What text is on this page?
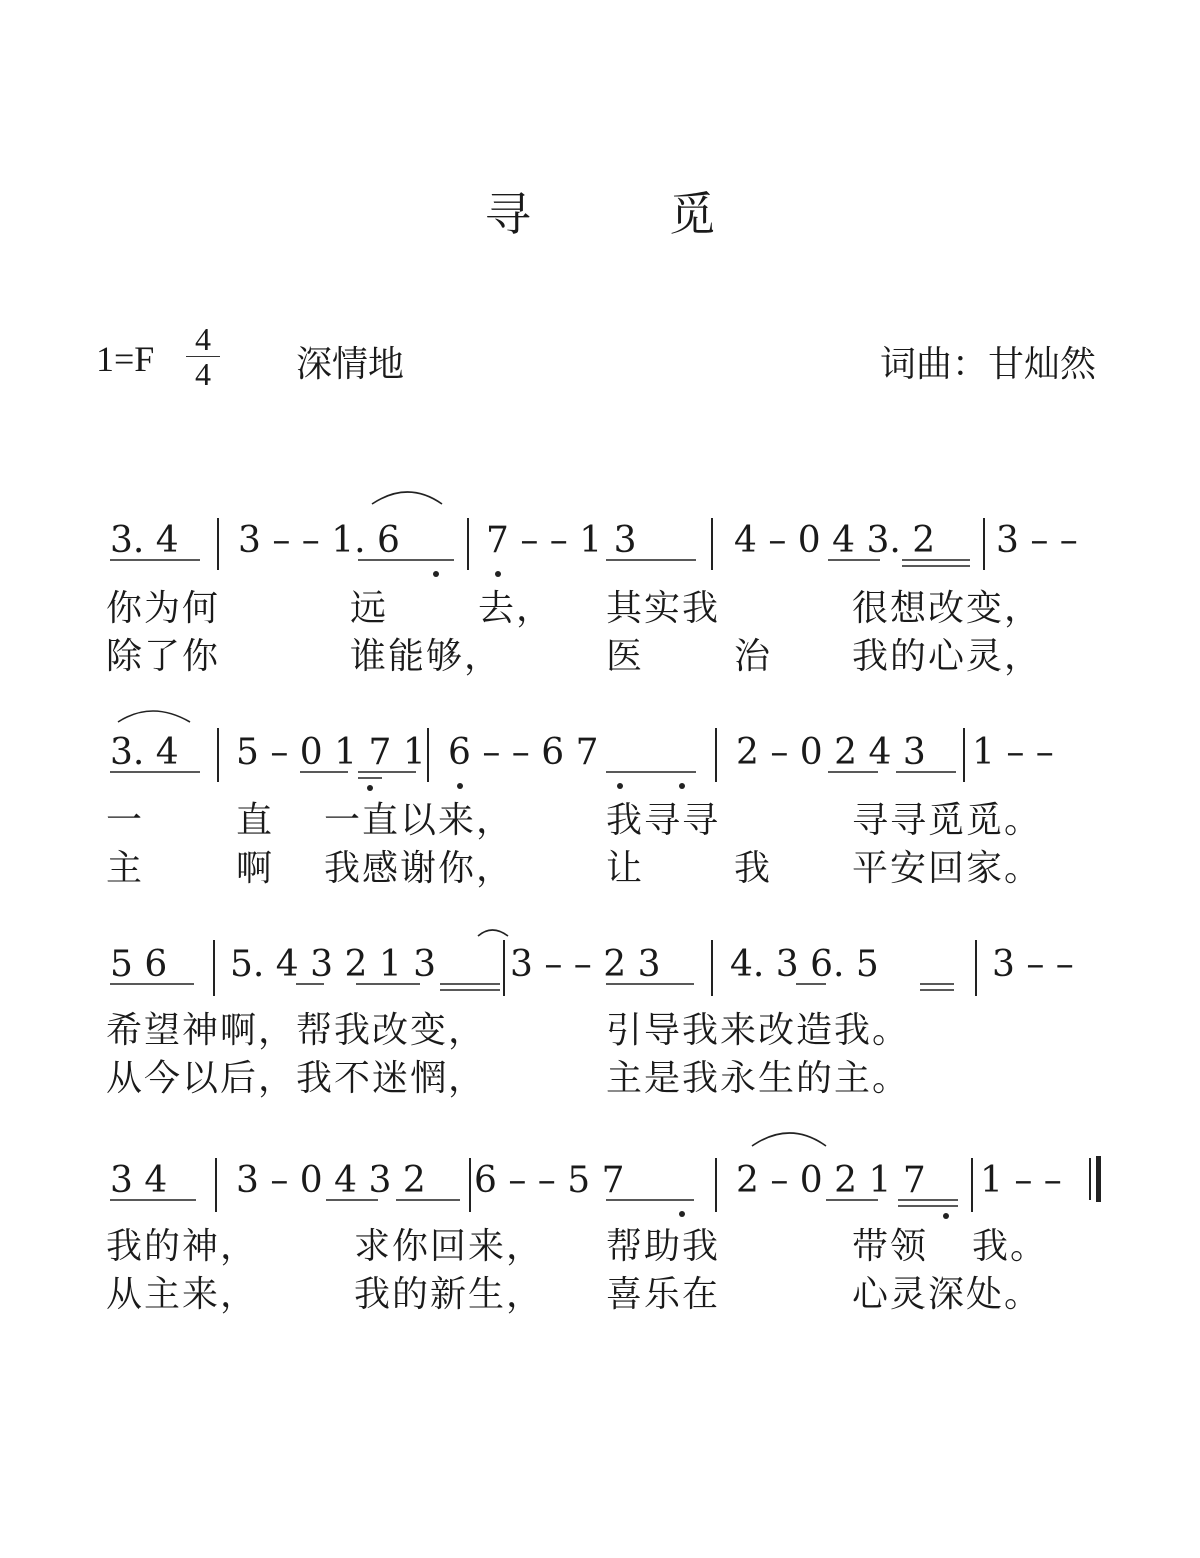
寻 觅
1=F 4
4 深情地	词曲：甘灿然
3. 4 3 – – 1. 6 7 – – 1 3	4 – 0 4 3. 2 3 – –
你为何	远 去， 其实我	很想改变，
除了你	谁能够，	医 治 我的心灵，
3. 4 5 – 0 1 7 1 6 – – 6 7	2 – 0 2 4 3 1 – –
一	直 一直以来，	我寻寻	寻寻觅觅。
主	啊 我感谢你，	让 我 平安回家。
5 6 5. 4 3 2 1 3 3 – – 2 3 4. 3 6. 5	3 – –
希望神啊，帮我改变，	引导我来改造我。
从今以后，我不迷惘，	主是我永生的主。
3 4 3 – 0 4 3 2 6 – – 5 7	2 – 0 2 1 7 1 – –
我的神，	求你回来， 帮助我	带领 我。
从主来，	我的新生， 喜乐在	心灵深处。
